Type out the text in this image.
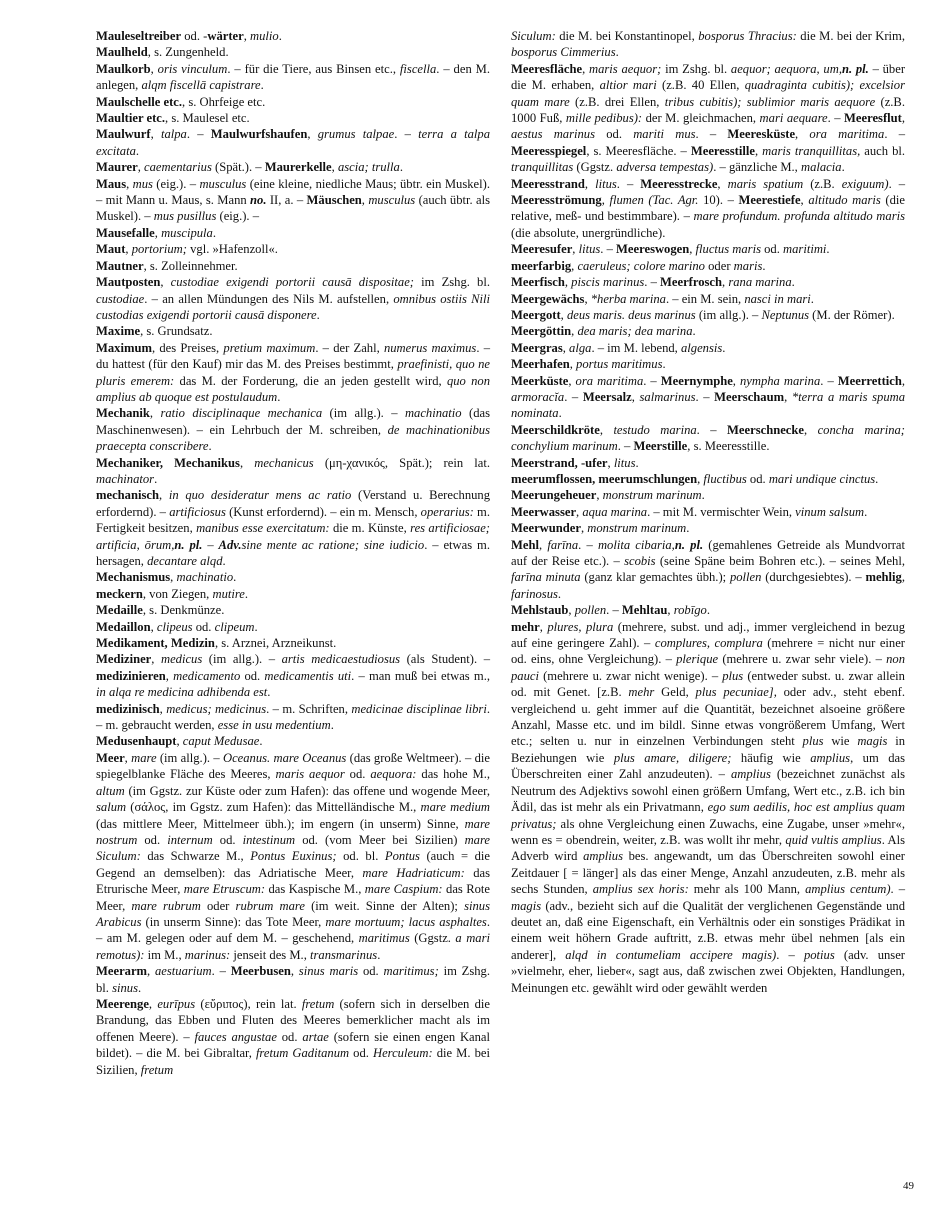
Mauleseltreiber od. -wärter, mulio.

Maulheld, s. Zungenheld.

Maulkorb, oris vinculum. – für die Tiere, aus Binsen etc., fiscella. – den M. anlegen, alqm fiscellā capistrare.

Maulschelle etc., s. Ohrfeige etc.

Maultier etc., s. Maulesel etc.

Maulwurf, talpa. – Maulwurfshaufen, grumus talpae. – terra a talpa excitata.

Maurer, caementarius (Spät.). – Maurerkelle, ascia; trulla.

Maus, mus (eig.). – musculus (eine kleine, niedliche Maus; übtr. ein Muskel). – mit Mann u. Maus, s. Mann no. II, a. – Mäuschen, musculus (auch übtr. als Muskel). – mus pusillus (eig.). –

Mausefalle, muscipula.

Maut, portorium; vgl. »Hafenzoll«.

Mautner, s. Zolleinnehmer.

Mautposten, custodiae exigendi portorii causā dispositae; im Zshg. bl. custodiae. – an allen Mündungen des Nils M. aufstellen, omnibus ostiis Nili custodias exigendi portorii causā disponere.

Maxime, s. Grundsatz.

Maximum, des Preises, pretium maximum. – der Zahl, numerus maximus. – du hattest (für den Kauf) mir das M. des Preises bestimmt, praefinisti, quo ne pluris emerem: das M. der Forderung, die an jeden gestellt wird, quo non amplius ab quoque est postulaudum.

Mechanik, ratio disciplinaque mechanica (im allg.). – machinatio (das Maschinenwesen). – ein Lehrbuch der M. schreiben, de machinationibus praecepta conscribere.

Mechaniker, Mechanikus, mechanicus (μη-χανικός, Spät.); rein lat. machinator.

mechanisch, in quo desideratur mens ac ratio (Verstand u. Berechnung erfordernd). – artificiosus (Kunst erfordernd). – ein m. Mensch, operarius: m. Fertigkeit besitzen, manibus esse exercitatum: die m. Künste, res artificiosae; artificia, ōrum,n. pl. – Adv.sine mente ac ratione; sine iudicio. – etwas m. hersagen, decantare alqd.

Mechanismus, machinatio.

meckern, von Ziegen, mutire.

Medaille, s. Denkmünze.

Medaillon, clipeus od. clipeum.

Medikament, Medizin, s. Arznei, Arzneikunst.

Mediziner, medicus (im allg.). – artis medicaestudiosus (als Student). – medizinieren, medicamento od. medicamentis uti. – man muß bei etwas m., in alqa re medicina adhibenda est.

medizinisch, medicus; medicinus. – m. Schriften, medicinae disciplinae libri. – m. gebraucht werden, esse in usu medentium.

Medusenhaupt, caput Medusae.

Meer, mare (im allg.). – Oceanus. mare Oceanus (das große Weltmeer). – die spiegelblanke Fläche des Meeres, maris aequor od. aequora: das hohe M., altum (im Ggstz. zur Küste oder zum Hafen): das offene und wogende Meer, salum (σάλος, im Ggstz. zum Hafen): das Mittelländische M., mare medium (das mittlere Meer, Mittelmeer übh.); im engern (in unserm) Sinne, mare nostrum od. internum od. intestinum od. (vom Meer bei Sizilien) mare Siculum: das Schwarze M., Pontus Euxinus; od. bl. Pontus (auch = die Gegend an demselben): das Adriatische Meer, mare Hadriaticum: das Etrurische Meer, mare Etruscum: das Kaspische M., mare Caspium: das Rote Meer, mare rubrum oder rubrum mare (im weit. Sinne der Alten); sinus Arabicus (in unserm Sinne): das Tote Meer, mare mortuum; lacus asphaltes. – am M. gelegen oder auf dem M. – geschehend, maritimus (Ggstz. a mari remotus): im M., marinus: jenseit des M., transmarinus.

Meerarm, aestuarium. – Meerbusen, sinus maris od. maritimus; im Zshg. bl. sinus.

Meerenge, eurīpus (εὔριπος), rein lat. fretum (sofern sich in derselben die Brandung, das Ebben und Fluten des Meeres bemerklicher macht als im offenen Meere). – fauces angustae od. artae (sofern sie einen engen Kanal bildet). – die M. bei Gibraltar, fretum Gaditanum od. Herculeum: die M. bei Sizilien, fretum

Siculum: die M. bei Konstantinopel, bosporus Thracius: die M. bei der Krim, bosporus Cimmerius.

Meeresfläche, maris aequor; im Zshg. bl. aequor; aequora, um,n. pl. – über die M. erhaben, altior mari (z.B. 40 Ellen, quadraginta cubitis); excelsior quam mare (z.B. drei Ellen, tribus cubitis); sublimior maris aequore (z.B. 1000 Fuß, mille pedibus): der M. gleichmachen, mari aequare. – Meeresflut, aestus marinus od. mariti mus. – Meeresküste, ora maritima. – Meeresspiegel, s. Meeresfläche. – Meeresstille, maris tranquillitas, auch bl. tranquillitas (Ggstz. adversa tempestas). – gänzliche M., malacia.

Meeresstrand, litus. – Meeresstrecke, maris spatium (z.B. exiguum). – Meeresströmung, flumen (Tac. Agr. 10). – Meerestiefe, altitudo maris (die relative, meß- und bestimmbare). – mare profundum. profunda altitudo maris (die absolute, unergründliche).

Meeresufer, litus. – Meereswogen, fluctus maris od. maritimi.

meerfarbig, caeruleus; colore marino oder maris.

Meerfisch, piscis marinus. – Meerfrosch, rana marina.

Meergewächs, *herba marina. – ein M. sein, nasci in mari.

Meergott, deus maris. deus marinus (im allg.). – Neptunus (M. der Römer).

Meergöttin, dea maris; dea marina.

Meergras, alga. – im M. lebend, algensis.

Meerhafen, portus maritimus.

Meerküste, ora maritima. – Meernymphe, nympha marina. – Meerrettich, armoracĭa. – Meersalz, salmarinus. – Meerschaum, *terra a maris spuma nominata.

Meerschildkröte, testudo marina. – Meerschnecke, concha marina; conchylium marinum. – Meerstille, s. Meeresstille.

Meerstrand, -ufer, litus.

meerumflossen, meerumschlungen, fluctibus od. mari undique cinctus.

Meerungeheuer, monstrum marinum.

Meerwasser, aqua marina. – mit M. vermischter Wein, vinum salsum.

Meerwunder, monstrum marinum.

Mehl, farīna. – molita cibaria,n. pl. (gemahlenes Getreide als Mundvorrat auf der Reise etc.). – scobis (seine Späne beim Bohren etc.). – seines Mehl, farīna minuta (ganz klar gemachtes übh.); pollen (durchgesiebtes). – mehlig, farinosus.

Mehlstaub, pollen. – Mehltau, robīgo.

mehr, plures, plura (mehrere, subst. und adj., immer vergleichend in bezug auf eine geringere Zahl). – complures, complura (mehrere = nicht nur einer od. eins, ohne Vergleichung). – plerique (mehrere u. zwar sehr viele). – non pauci (mehrere u. zwar nicht wenige). – plus (entweder subst. u. zwar allein od. mit Genet. [z.B. mehr Geld, plus pecuniae], oder adv., steht ebenf. vergleichend u. geht immer auf die Quantität, bezeichnet alsoeine größere Anzahl, Masse etc. und im bildl. Sinne etwas vongrößerem Umfang, Wert etc.; selten u. nur in einzelnen Verbindungen steht plus wie magis in Beziehungen wie plus amare, diligere; häufig wie amplius, um das Überschreiten einer Zahl anzudeuten). – amplius (bezeichnet zunächst als Neutrum des Adjektivs sowohl einen größern Umfang, Wert etc., z.B. ich bin Ädil, das ist mehr als ein Privatmann, ego sum aedilis, hoc est amplius quam privatus; als ohne Vergleichung einen Zuwachs, eine Zugabe, unser »mehr«, wenn es = obendrein, weiter, z.B. was wollt ihr mehr, quid vultis amplius. Als Adverb wird amplius bes. angewandt, um das Überschreiten sowohl einer Zeitdauer [ = länger] als das einer Menge, Anzahl anzudeuten, z.B. mehr als sechs Stunden, amplius sex horis: mehr als 100 Mann, amplius centum). – magis (adv., bezieht sich auf die Qualität der verglichenen Gegenstände und deutet an, daß eine Eigenschaft, ein Verhältnis oder ein sonstiges Prädikat in einem weit höhern Grade auftritt, z.B. etwas mehr übel nehmen [als ein anderer], alqd in contumeliam accipere magis). – potius (adv. unser »vielmehr, eher, lieber«, sagt aus, daß zwischen zwei Objekten, Handlungen, Meinungen etc. gewählt wird oder gewählt werden

49
